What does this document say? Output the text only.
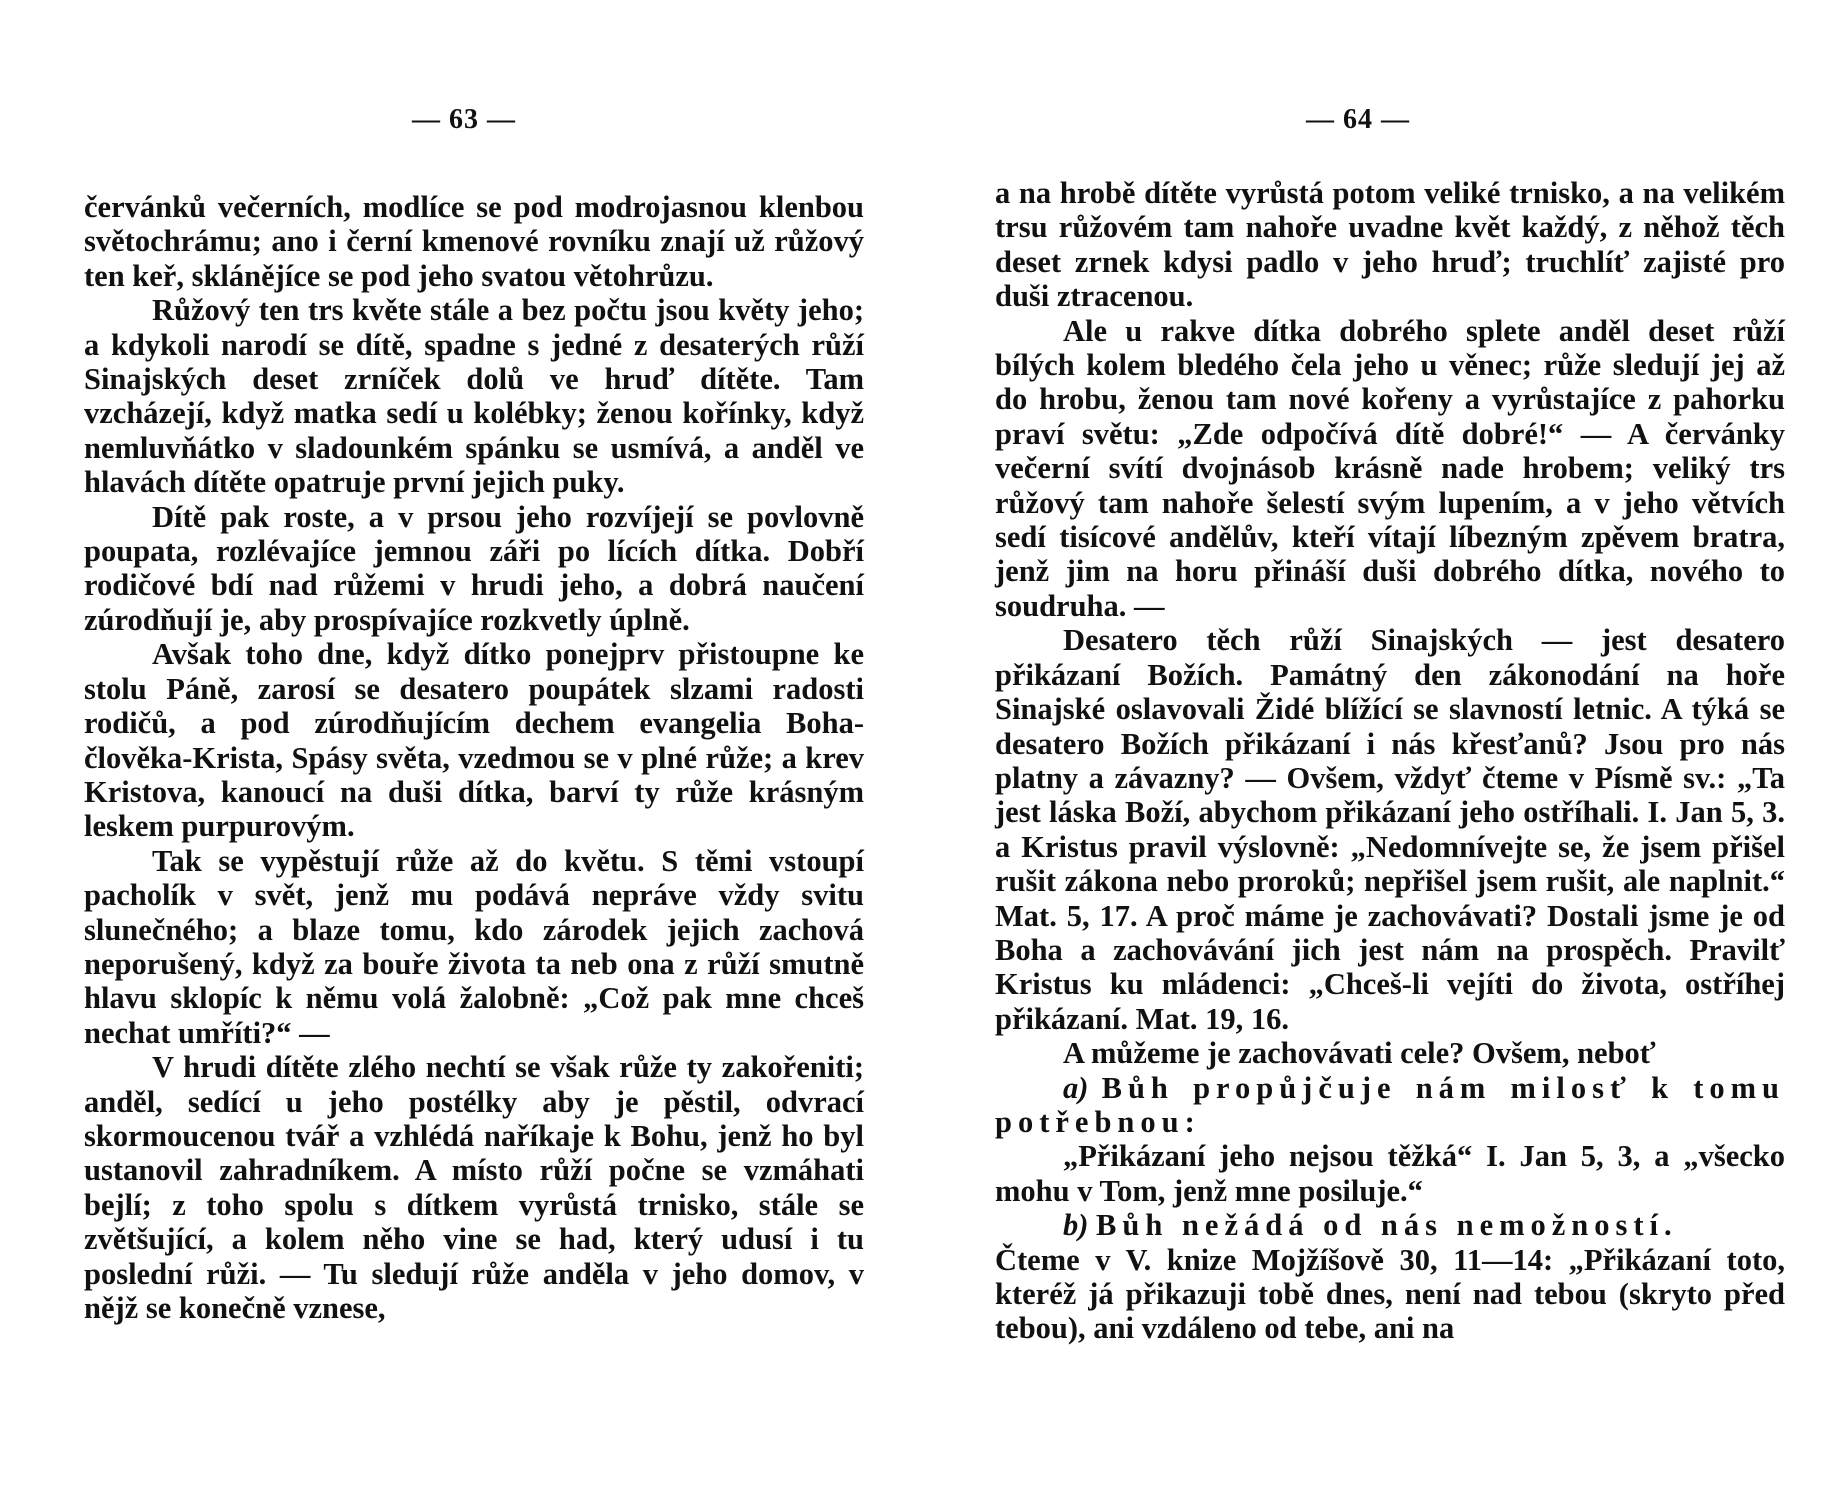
— 63 —

červánků večerních, modlíce se pod modrojasnou klenbou světochrámu; ano i černí kmenové rovníku znají už růžový ten keř, sklánějíce se pod jeho svatou větohrůzu.

Růžový ten trs květe stále a bez počtu jsou květy jeho; a kdykoli narodí se dítě, spadne s jedné z desaterých růží Sinajských deset zrníček dolů ve hruď dítěte. Tam vzcházejí, když matka sedí u kolébky; ženou kořínky, když nemluvňátko v sladounkém spánku se usmívá, a anděl ve hlavách dítěte opatruje první jejich puky.

Dítě pak roste, a v prsou jeho rozvíjejí se povlovně poupata, rozlévajíce jemnou záři po lících dítka. Dobří rodičové bdí nad růžemi v hrudi jeho, a dobrá naučení zúrodňují je, aby prospívajíce rozkvetly úplně.

Avšak toho dne, když dítko ponejprv přistoupne ke stolu Páně, zarosí se desatero poupátek slzami radosti rodičů, a pod zúrodňujícím dechem evangelia Boha-člověka-Krista, Spásy světa, vzedmou se v plné růže; a krev Kristova, kanoucí na duši dítka, barví ty růže krásným leskem purpurovým.

Tak se vypěstují růže až do květu. S těmi vstoupí pacholík v svět, jenž mu podává nepráve vždy svitu slunečného; a blaze tomu, kdo zárodek jejich zachová neporušený, když za bouře života ta neb ona z růží smutně hlavu sklopíc k němu volá žalobně: „Což pak mne chceš nechat umříti?“ —

V hrudi dítěte zlého nechtí se však růže ty zakořeniti; anděl, sedící u jeho postélky aby je pěstil, odvrací skormoucenou tvář a vzhlédá naříkaje k Bohu, jenž ho byl ustanovil zahradníkem. A místo růží počne se vzmáhati bejlí; z toho spolu s dítkem vyrůstá trnisko, stále se zvětšující, a kolem něho vine se had, který udusí i tu poslední růži. — Tu sledují růže anděla v jeho domov, v nějž se konečně vznese,

— 64 —

a na hrobě dítěte vyrůstá potom veliké trnisko, a na velikém trsu růžovém tam nahoře uvadne květ každý, z něhož těch deset zrnek kdysi padlo v jeho hruď; truchlíť zajisté pro duši ztracenou.

Ale u rakve dítka dobrého splete anděl deset růží bílých kolem bledého čela jeho u věnec; růže sledují jej až do hrobu, ženou tam nové kořeny a vyrůstajíce z pahorku praví světu: „Zde odpočívá dítě dobré!“ — A červánky večerní svítí dvojnásob krásně nade hrobem; veliký trs růžový tam nahoře šelestí svým lupením, a v jeho větvích sedí tisícové andělův, kteří vítají líbezným zpěvem bratra, jenž jim na horu přináší duši dobrého dítka, nového to soudruha. —

Desatero těch růží Sinajských — jest desatero přikázaní Božích. Památný den zákonodání na hoře Sinajské oslavovali Židé blížící se slavností letnic. A týká se desatero Božích přikázaní i nás křesťanů? Jsou pro nás platny a závazny? — Ovšem, vždyť čteme v Písmě sv.: „Ta jest láska Boží, abychom přikázaní jeho ostříhali. I. Jan 5, 3. a Kristus pravil výslovně: „Nedomnívejte se, že jsem přišel rušit zákona nebo proroků; nepřišel jsem rušit, ale naplnit.“ Mat. 5, 17. A proč máme je zachovávati? Dostali jsme je od Boha a zachovávání jich jest nám na prospěch. Pravilť Kristus ku mládenci: „Chceš-li vejíti do života, ostříhej přikázaní. Mat. 19, 16.

A můžeme je zachovávati cele? Ovšem, neboť

a) Bůh propůjčuje nám milosť k tomu potřebnou:

„Přikázaní jeho nejsou těžká“ I. Jan 5, 3, a „všecko mohu v Tom, jenž mne posiluje.“

b) Bůh nežádá od nás nemožností.

Čteme v V. knize Mojžíšově 30, 11—14: „Přikázaní toto, kteréž já přikazuji tobě dnes, není nad tebou (skryto před tebou), ani vzdáleno od tebe, ani na
